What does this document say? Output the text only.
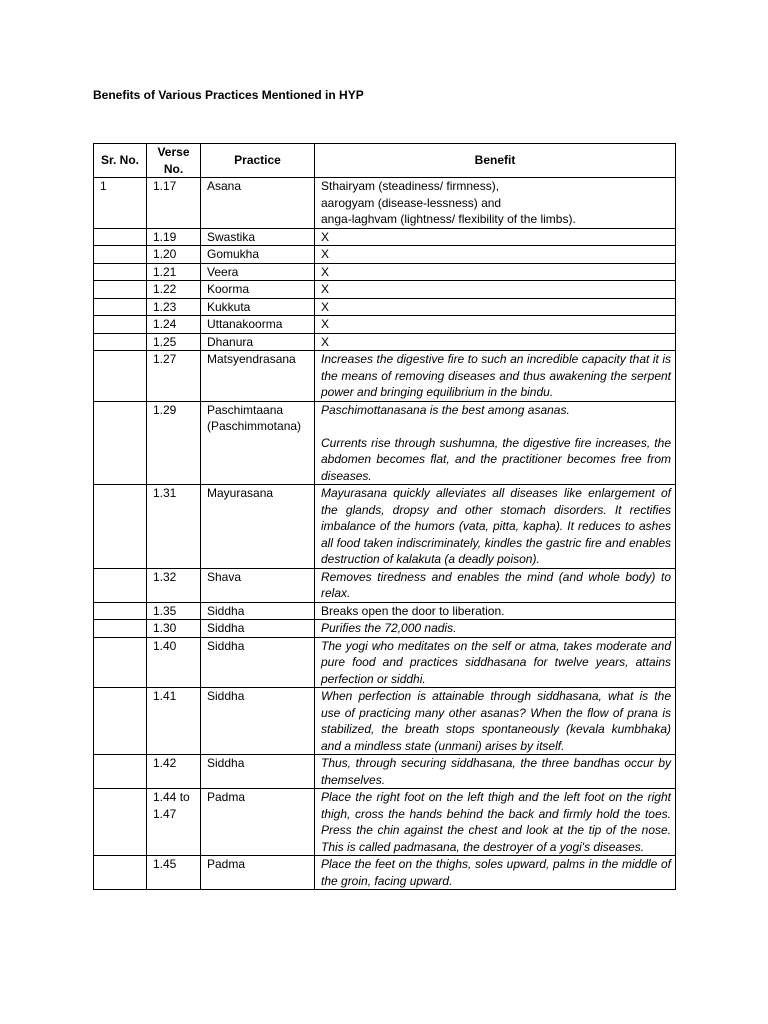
Benefits of Various Practices Mentioned in HYP
Sr. No.	Verse No.	Practice	Benefit
1	1.17	Asana	Sthairyam (steadiness/ firmness),
aarogyam (disease-lessness) and
anga-laghvam (lightness/ flexibility of the limbs).

	1.19	Swastika	X

	1.20	Gomukha	X

	1.21	Veera	X

	1.22	Koorma	X

	1.23	Kukkuta	X

	1.24	Uttanakoorma	X

	1.25	Dhanura	X

	1.27	Matsyendrasana	Increases the digestive fire to such an incredible capacity that it is the means of removing diseases and thus awakening the serpent power and bringing equilibrium in the bindu.

	1.29	Paschimtaana (Paschimmotana)	Paschimottanasana is the best among asanas.
Currents rise through sushumna, the digestive fire increases, the abdomen becomes flat, and the practitioner becomes free from diseases.

	1.31	Mayurasana	Mayurasana quickly alleviates all diseases like enlargement of the glands, dropsy and other stomach disorders. It rectifies imbalance of the humors (vata, pitta, kapha). It reduces to ashes all food taken indiscriminately, kindles the gastric fire and enables destruction of kalakuta (a deadly poison).

	1.32	Shava	Removes tiredness and enables the mind (and whole body) to relax.

	1.35	Siddha	Breaks open the door to liberation.

	1.30	Siddha	Purifies the 72,000 nadis.

	1.40	Siddha	The yogi who meditates on the self or atma, takes moderate and pure food and practices siddhasana for twelve years, attains perfection or siddhi.

	1.41	Siddha	When perfection is attainable through siddhasana, what is the use of practicing many other asanas? When the flow of prana is stabilized, the breath stops spontaneously (kevala kumbhaka) and a mindless state (unmani) arises by itself.

	1.42	Siddha	Thus, through securing siddhasana, the three bandhas occur by themselves.

	1.44 to 1.47	Padma	Place the right foot on the left thigh and the left foot on the right thigh, cross the hands behind the back and firmly hold the toes. Press the chin against the chest and look at the tip of the nose. This is called padmasana, the destroyer of a yogi's diseases.

	1.45	Padma	Place the feet on the thighs, soles upward, palms in the middle of the groin, facing upward.
